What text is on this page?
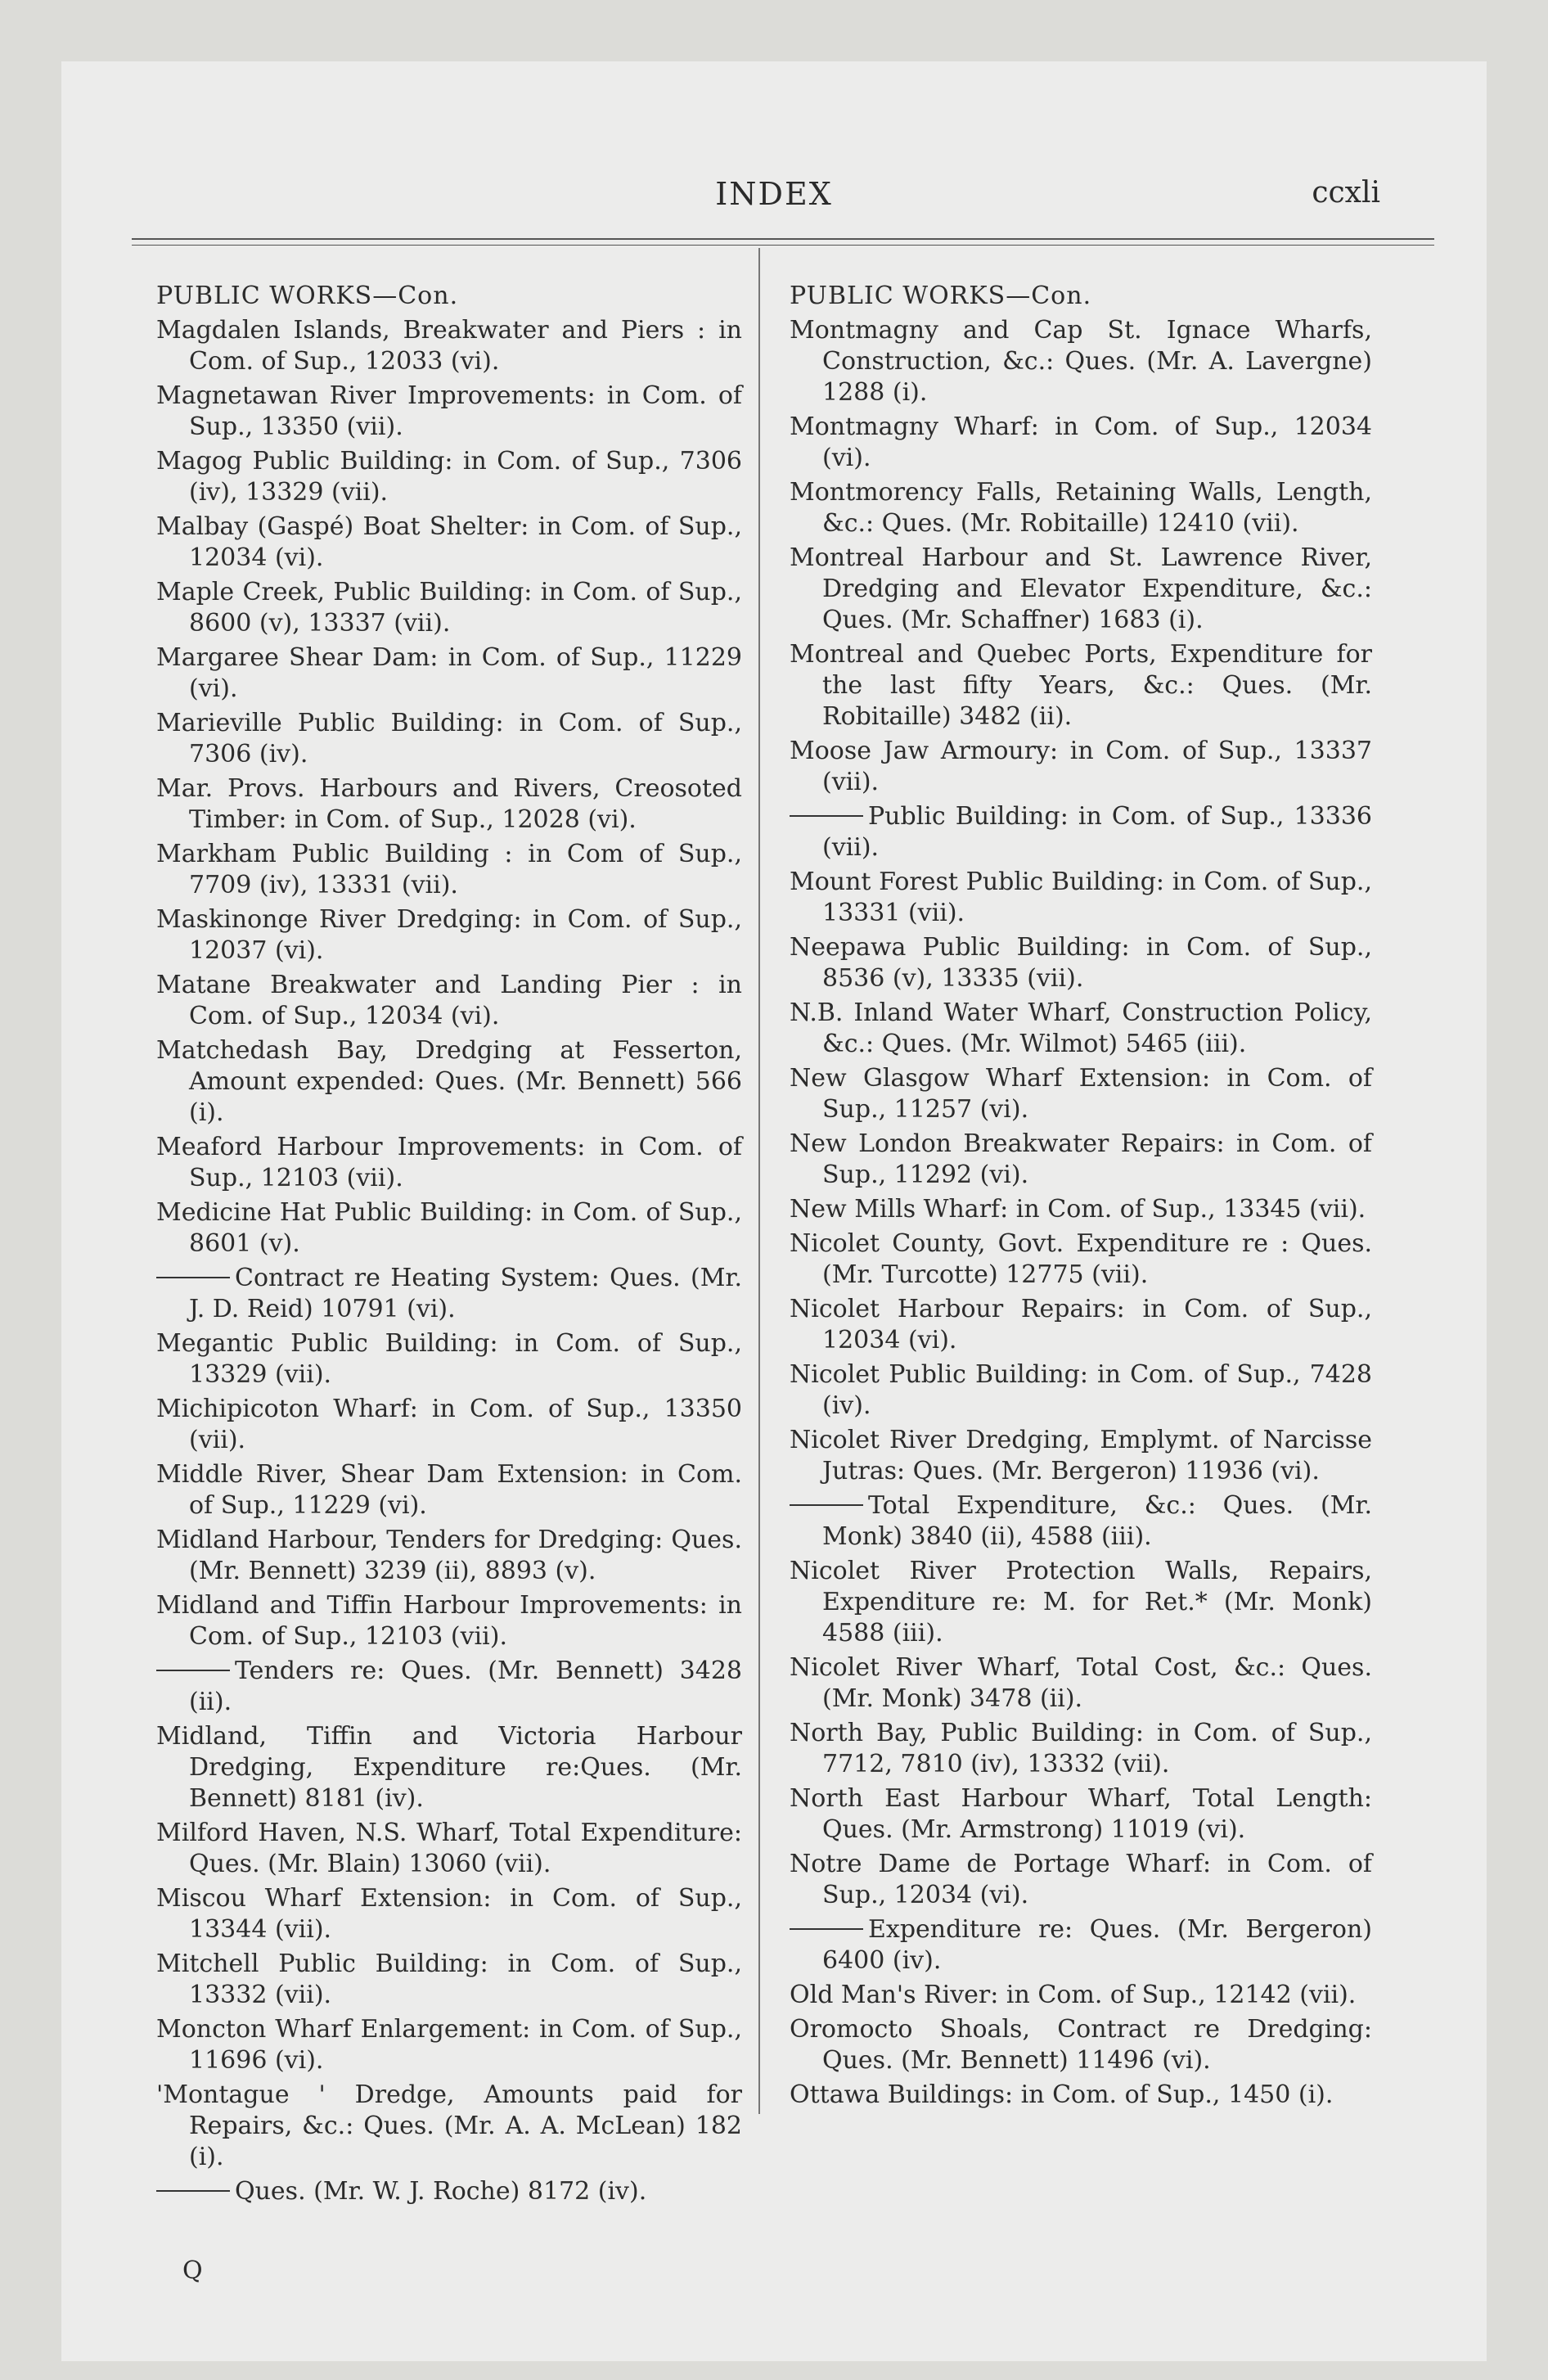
INDEX	ccxli
PUBLIC WORKS—Con.

Magdalen Islands, Breakwater and Piers : in Com. of Sup., 12033 (vi).

Magnetawan River Improvements: in Com. of Sup., 13350 (vii).

Magog Public Building: in Com. of Sup., 7306 (iv), 13329 (vii).

Malbay (Gaspé) Boat Shelter: in Com. of Sup., 12034 (vi).

Maple Creek, Public Building: in Com. of Sup., 8600 (v), 13337 (vii).

Margaree Shear Dam: in Com. of Sup., 11229 (vi).

Marieville Public Building: in Com. of Sup., 7306 (iv).

Mar. Provs. Harbours and Rivers, Creosoted Timber: in Com. of Sup., 12028 (vi).

Markham Public Building : in Com of Sup., 7709 (iv), 13331 (vii).

Maskinonge River Dredging: in Com. of Sup., 12037 (vi).

Matane Breakwater and Landing Pier : in Com. of Sup., 12034 (vi).

Matchedash Bay, Dredging at Fesserton, Amount expended: Ques. (Mr. Bennett) 566 (i).

Meaford Harbour Improvements: in Com. of Sup., 12103 (vii).

Medicine Hat Public Building: in Com. of Sup., 8601 (v).

Contract re Heating System: Ques. (Mr. J. D. Reid) 10791 (vi).

Megantic Public Building: in Com. of Sup., 13329 (vii).

Michipicoton Wharf: in Com. of Sup., 13350 (vii).

Middle River, Shear Dam Extension: in Com. of Sup., 11229 (vi).

Midland Harbour, Tenders for Dredging: Ques. (Mr. Bennett) 3239 (ii), 8893 (v).

Midland and Tiffin Harbour Improvements: in Com. of Sup., 12103 (vii).

Tenders re: Ques. (Mr. Bennett) 3428 (ii).

Midland, Tiffin and Victoria Harbour Dredging, Expenditure re:Ques. (Mr. Bennett) 8181 (iv).

Milford Haven, N.S. Wharf, Total Expenditure: Ques. (Mr. Blain) 13060 (vii).

Miscou Wharf Extension: in Com. of Sup., 13344 (vii).

Mitchell Public Building: in Com. of Sup., 13332 (vii).

Moncton Wharf Enlargement: in Com. of Sup., 11696 (vi).

'Montague ' Dredge, Amounts paid for Repairs, &c.: Ques. (Mr. A. A. McLean) 182 (i).

Ques. (Mr. W. J. Roche) 8172 (iv).

PUBLIC WORKS—Con.

Montmagny and Cap St. Ignace Wharfs, Construction, &c.: Ques. (Mr. A. Lavergne) 1288 (i).

Montmagny Wharf: in Com. of Sup., 12034 (vi).

Montmorency Falls, Retaining Walls, Length, &c.: Ques. (Mr. Robitaille) 12410 (vii).

Montreal Harbour and St. Lawrence River, Dredging and Elevator Expenditure, &c.: Ques. (Mr. Schaffner) 1683 (i).

Montreal and Quebec Ports, Expenditure for the last fifty Years, &c.: Ques. (Mr. Robitaille) 3482 (ii).

Moose Jaw Armoury: in Com. of Sup., 13337 (vii).

Public Building: in Com. of Sup., 13336 (vii).

Mount Forest Public Building: in Com. of Sup., 13331 (vii).

Neepawa Public Building: in Com. of Sup., 8536 (v), 13335 (vii).

N.B. Inland Water Wharf, Construction Policy, &c.: Ques. (Mr. Wilmot) 5465 (iii).

New Glasgow Wharf Extension: in Com. of Sup., 11257 (vi).

New London Breakwater Repairs: in Com. of Sup., 11292 (vi).

New Mills Wharf: in Com. of Sup., 13345 (vii).

Nicolet County, Govt. Expenditure re : Ques. (Mr. Turcotte) 12775 (vii).

Nicolet Harbour Repairs: in Com. of Sup., 12034 (vi).

Nicolet Public Building: in Com. of Sup., 7428 (iv).

Nicolet River Dredging, Emplymt. of Narcisse Jutras: Ques. (Mr. Bergeron) 11936 (vi).

Total Expenditure, &c.: Ques. (Mr. Monk) 3840 (ii), 4588 (iii).

Nicolet River Protection Walls, Repairs, Expenditure re: M. for Ret.* (Mr. Monk) 4588 (iii).

Nicolet River Wharf, Total Cost, &c.: Ques. (Mr. Monk) 3478 (ii).

North Bay, Public Building: in Com. of Sup., 7712, 7810 (iv), 13332 (vii).

North East Harbour Wharf, Total Length: Ques. (Mr. Armstrong) 11019 (vi).

Notre Dame de Portage Wharf: in Com. of Sup., 12034 (vi).

Expenditure re: Ques. (Mr. Bergeron) 6400 (iv).

Old Man's River: in Com. of Sup., 12142 (vii).

Oromocto Shoals, Contract re Dredging: Ques. (Mr. Bennett) 11496 (vi).

Ottawa Buildings: in Com. of Sup., 1450 (i).

Q
